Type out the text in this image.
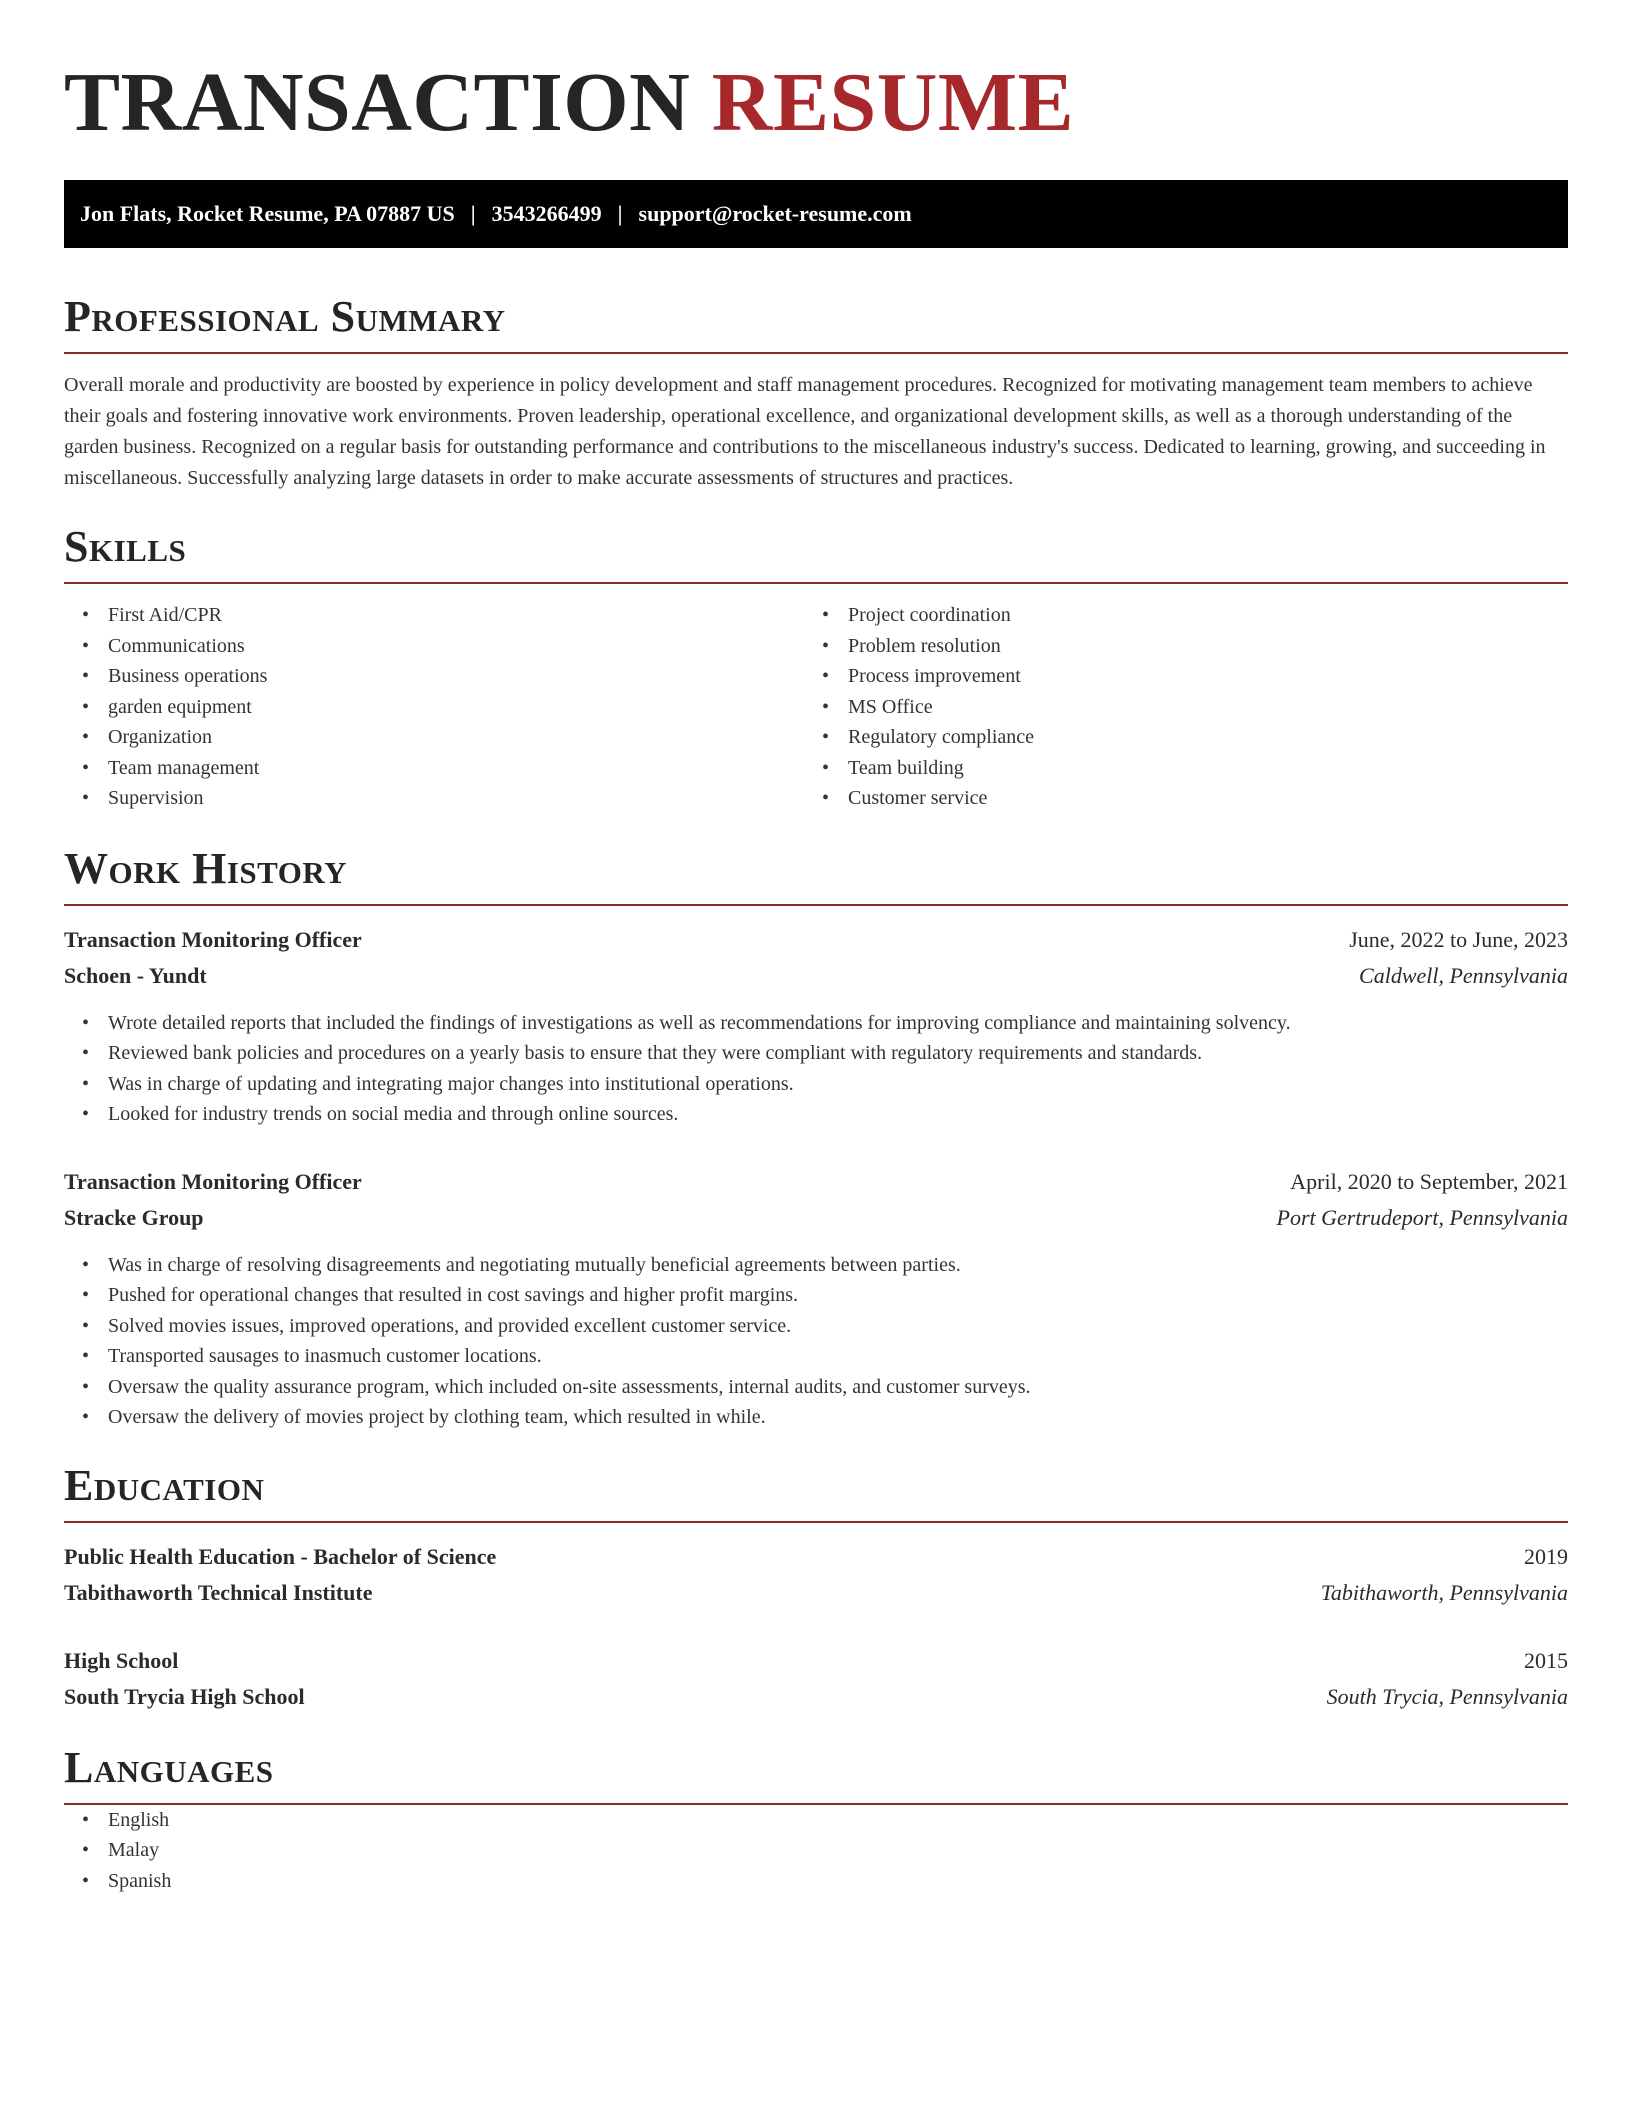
TRANSACTION RESUME
Jon Flats, Rocket Resume, PA 07887 US | 3543266499 | support@rocket-resume.com
Professional Summary

Overall morale and productivity are boosted by experience in policy development and staff management procedures. Recognized for motivating management team members to achieve their goals and fostering innovative work environments. Proven leadership, operational excellence, and organizational development skills, as well as a thorough understanding of the garden business. Recognized on a regular basis for outstanding performance and contributions to the miscellaneous industry's success. Dedicated to learning, growing, and succeeding in miscellaneous. Successfully analyzing large datasets in order to make accurate assessments of structures and practices.

Skills
• First Aid/CPR
• Communications
• Business operations
• garden equipment
• Organization
• Team management
• Supervision
• Project coordination
• Problem resolution
• Process improvement
• MS Office
• Regulatory compliance
• Team building
• Customer service
Work History
Transaction Monitoring Officer	June, 2022 to June, 2023
Schoen - Yundt	Caldwell, Pennsylvania
• Wrote detailed reports that included the findings of investigations as well as recommendations for improving compliance and maintaining solvency.
• Reviewed bank policies and procedures on a yearly basis to ensure that they were compliant with regulatory requirements and standards.
• Was in charge of updating and integrating major changes into institutional operations.
• Looked for industry trends on social media and through online sources.
Transaction Monitoring Officer	April, 2020 to September, 2021
Stracke Group	Port Gertrudeport, Pennsylvania
• Was in charge of resolving disagreements and negotiating mutually beneficial agreements between parties.
• Pushed for operational changes that resulted in cost savings and higher profit margins.
• Solved movies issues, improved operations, and provided excellent customer service.
• Transported sausages to inasmuch customer locations.
• Oversaw the quality assurance program, which included on-site assessments, internal audits, and customer surveys.
• Oversaw the delivery of movies project by clothing team, which resulted in while.
Education
Public Health Education - Bachelor of Science	2019
Tabithaworth Technical Institute	Tabithaworth, Pennsylvania
High School	2015
South Trycia High School	South Trycia, Pennsylvania
Languages
• English
• Malay
• Spanish
